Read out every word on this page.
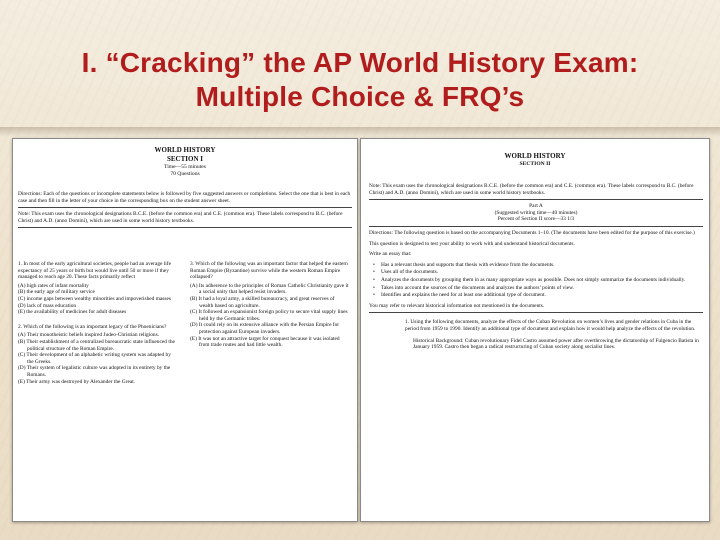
I. “Cracking” the AP World History Exam:
Multiple Choice & FRQ’s
WORLD HISTORY
SECTION I
Time—55 minutes
70 Questions
Directions: Each of the questions or incomplete statements below is followed by five suggested answers or completions. Select the one that is best in each case and then fill in the letter of your choice in the corresponding box on the student answer sheet.
Note: This exam uses the chronological designations B.C.E. (before the common era) and C.E. (common era). These labels correspond to B.C. (before Christ) and A.D. (anno Domini), which are used in some world history textbooks.

1. In most of the early agricultural societies, people had an average life expectancy of 25 years or birth but would live until 50 or more if they managed to reach age 20. These facts primarily reflect

(A) high rates of infant mortality

(B) the early age of military service

(C) income gaps between wealthy minorities and impoverished masses

(D) lack of mass education

(E) the availability of medicines for adult diseases

2. Which of the following is an important legacy of the Phoenicians?

(A) Their monotheistic beliefs inspired Judeo-Christian religions.

(B) Their establishment of a centralized bureaucratic state influenced the political structure of the Roman Empire.

(C) Their development of an alphabetic writing system was adapted by the Greeks.

(D) Their system of legalistic culture was adopted in its entirety by the Romans.

(E) Their army was destroyed by Alexander the Great.

3. Which of the following was an important factor that helped the eastern Roman Empire (Byzantine) survive while the western Roman Empire collapsed?

(A) Its adherence to the principles of Roman Catholic Christianity gave it a social unity that helped resist invaders.

(B) It had a loyal army, a skilled bureaucracy, and great reserves of wealth based on agriculture.

(C) It followed an expansionist foreign policy to secure vital supply lines held by the Germanic tribes.

(D) It could rely on its extensive alliance with the Persian Empire for protection against European invaders.

(E) It was not an attractive target for conquest because it was isolated from trade routes and had little wealth.

WORLD HISTORY
SECTION II
Note: This exam uses the chronological designations B.C.E. (before the common era) and C.E. (common era). These labels correspond to B.C. (before Christ) and A.D. (anno Domini), which are used in some world history textbooks.
Part A
(Suggested writing time—40 minutes)
Percent of Section II score—33 1/3
Directions: The following question is based on the accompanying Documents 1–10. (The documents have been edited for the purpose of this exercise.)
This question is designed to test your ability to work with and understand historical documents.
Write an essay that:
• Has a relevant thesis and supports that thesis with evidence from the documents.
• Uses all of the documents.
• Analyzes the documents by grouping them in as many appropriate ways as possible. Does not simply summarize the documents individually.
• Takes into account the sources of the documents and analyzes the authors’ points of view.
• Identifies and explains the need for at least one additional type of document.
You may refer to relevant historical information not mentioned in the documents.
1. Using the following documents, analyze the effects of the Cuban Revolution on women’s lives and gender relations in Cuba in the period from 1959 to 1990. Identify an additional type of document and explain how it would help analyze the effects of the revolution.
Historical Background: Cuban revolutionary Fidel Castro assumed power after overthrowing the dictatorship of Fulgencio Batista in January 1959. Castro then began a radical restructuring of Cuban society along socialist lines.
